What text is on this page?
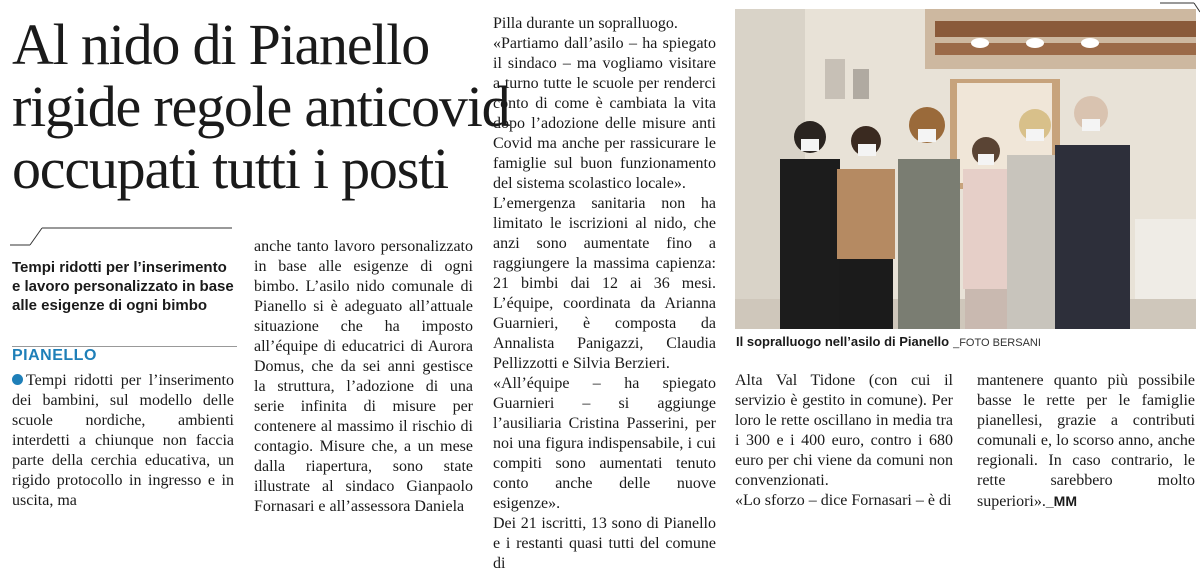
Al nido di Pianello
rigide regole anticovid
occupati tutti i posti

Tempi ridotti per l’inserimento e lavoro personalizzato in base alle esigenze di ogni bimbo

PIANELLO

Tempi ridotti per l’inserimento dei bambini, sul modello delle scuole nordiche, ambienti interdetti a chiunque non faccia parte della cerchia educativa, un rigido protocollo in ingresso e in uscita, ma

anche tanto lavoro personalizzato in base alle esigenze di ogni bimbo. L’asilo nido comunale di Pianello si è adeguato all’attuale situazione che ha imposto all’équipe di educatrici di Aurora Domus, che da sei anni gestisce la struttura, l’adozione di una serie infinita di misure per contenere al massimo il rischio di contagio. Misure che, a un mese dalla riapertura, sono state illustrate al sindaco Gianpaolo Fornasari e all’assessora Daniela

Pilla durante un sopralluogo.

«Partiamo dall’asilo – ha spiegato il sindaco – ma vogliamo visitare a turno tutte le scuole per renderci conto di come è cambiata la vita dopo l’adozione delle misure anti Covid ma anche per rassicurare le famiglie sul buon funzionamento del sistema scolastico locale».

L’emergenza sanitaria non ha limitato le iscrizioni al nido, che anzi sono aumentate fino a raggiungere la massima capienza: 21 bimbi dai 12 ai 36 mesi. L’équipe, coordinata da Arianna Guarnieri, è composta da Annalista Panigazzi, Claudia Pellizzotti e Silvia Berzieri.

«All’équipe – ha spiegato Guarnieri – si aggiunge l’ausiliaria Cristina Passerini, per noi una figura indispensabile, i cui compiti sono aumentati tenuto conto anche delle nuove esigenze».

Dei 21 iscritti, 13 sono di Pianello e i restanti quasi tutti del comune di

Il sopralluogo nell’asilo di Pianello _FOTO BERSANI

Alta Val Tidone (con cui il servizio è gestito in comune). Per loro le rette oscillano in media tra i 300 e i 400 euro, contro i 680 euro per chi viene da comuni non convenzionati.

«Lo sforzo – dice Fornasari – è di

mantenere quanto più possibile basse le rette per le famiglie pianellesi, grazie a contributi comunali e, lo scorso anno, anche regionali. In caso contrario, le rette sarebbero molto superiori»._MM
